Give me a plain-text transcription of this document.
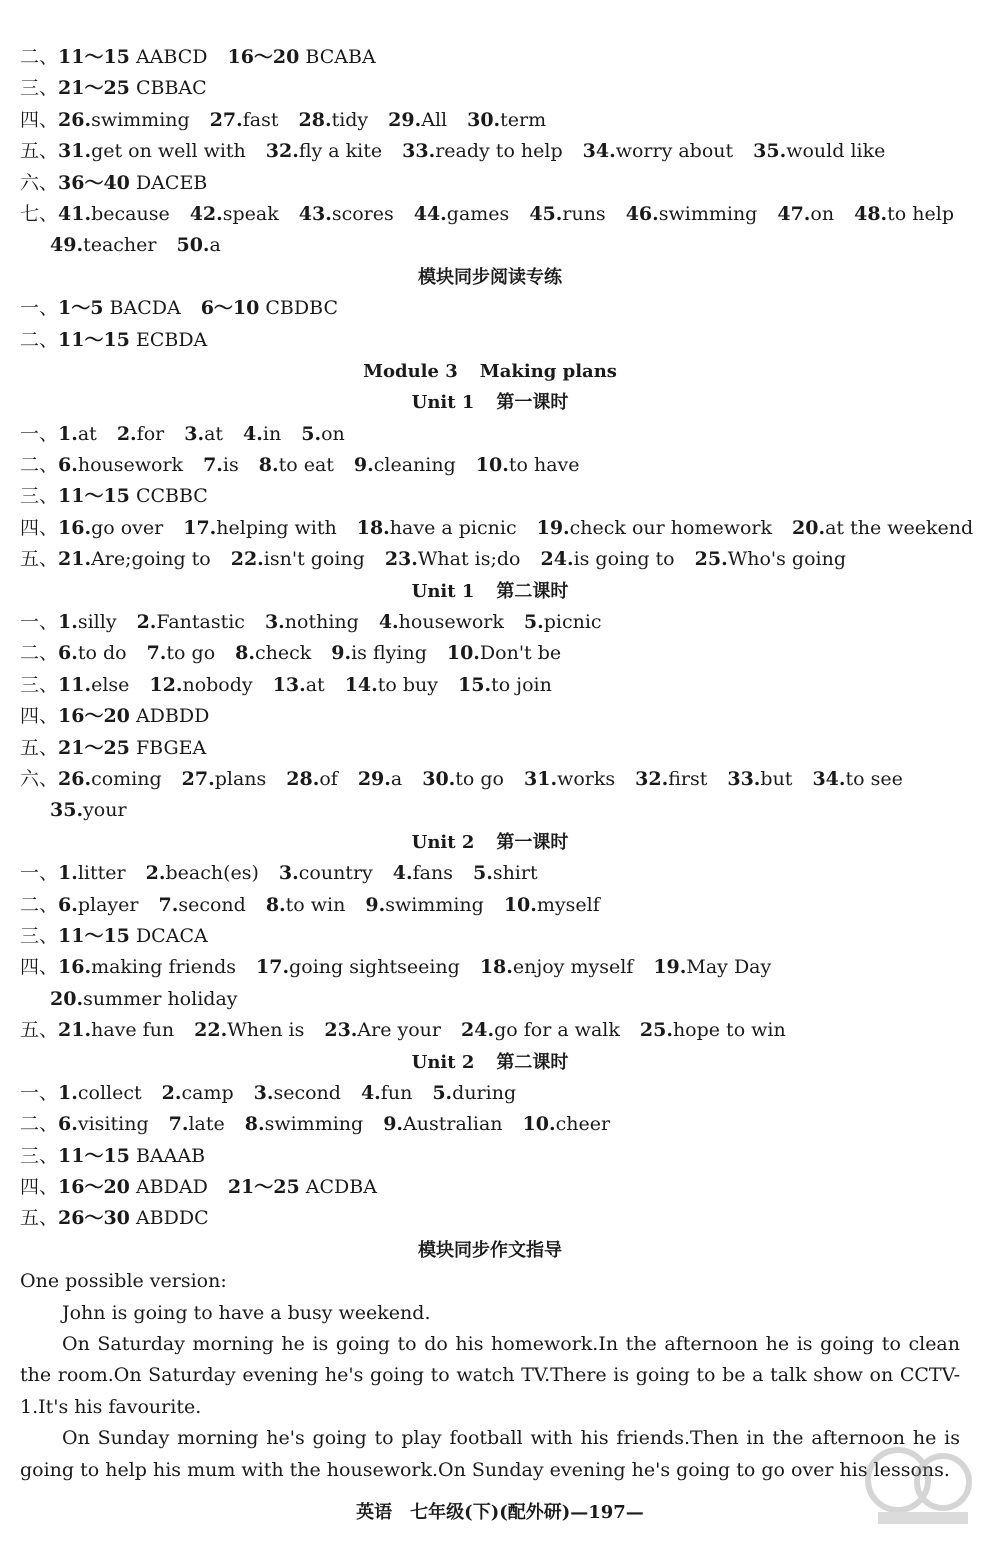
二、11～15 AABCD 16～20 BCABA
三、21～25 CBBAC
四、26.swimming 27.fast 28.tidy 29.All 30.term
五、31.get on well with 32.fly a kite 33.ready to help 34.worry about 35.would like
六、36～40 DACEB
七、41.because 42.speak 43.scores 44.games 45.runs 46.swimming 47.on 48.to help
49.teacher 50.a
模块同步阅读专练
一、1～5 BACDA 6～10 CBDBC
二、11～15 ECBDA
Module 3 Making plans
Unit 1 第一课时
一、1.at 2.for 3.at 4.in 5.on
二、6.housework 7.is 8.to eat 9.cleaning 10.to have
三、11～15 CCBBC
四、16.go over 17.helping with 18.have a picnic 19.check our homework 20.at the weekend
五、21.Are;going to 22.isn't going 23.What is;do 24.is going to 25.Who's going
Unit 1 第二课时
一、1.silly 2.Fantastic 3.nothing 4.housework 5.picnic
二、6.to do 7.to go 8.check 9.is flying 10.Don't be
三、11.else 12.nobody 13.at 14.to buy 15.to join
四、16～20 ADBDD
五、21～25 FBGEA
六、26.coming 27.plans 28.of 29.a 30.to go 31.works 32.first 33.but 34.to see
35.your
Unit 2 第一课时
一、1.litter 2.beach(es) 3.country 4.fans 5.shirt
二、6.player 7.second 8.to win 9.swimming 10.myself
三、11～15 DCACA
四、16.making friends 17.going sightseeing 18.enjoy myself 19.May Day
20.summer holiday
五、21.have fun 22.When is 23.Are your 24.go for a walk 25.hope to win
Unit 2 第二课时
一、1.collect 2.camp 3.second 4.fun 5.during
二、6.visiting 7.late 8.swimming 9.Australian 10.cheer
三、11～15 BAAAB
四、16～20 ABDAD 21～25 ACDBA
五、26～30 ABDDC
模块同步作文指导
One possible version:

John is going to have a busy weekend.

On Saturday morning he is going to do his homework.In the afternoon he is going to clean the room.On Saturday evening he's going to watch TV.There is going to be a talk show on CCTV-1.It's his favourite.

On Sunday morning he's going to play football with his friends.Then in the afternoon he is going to help his mum with the housework.On Sunday evening he's going to go over his lessons.

英语　七年级(下)(配外研)—197—
